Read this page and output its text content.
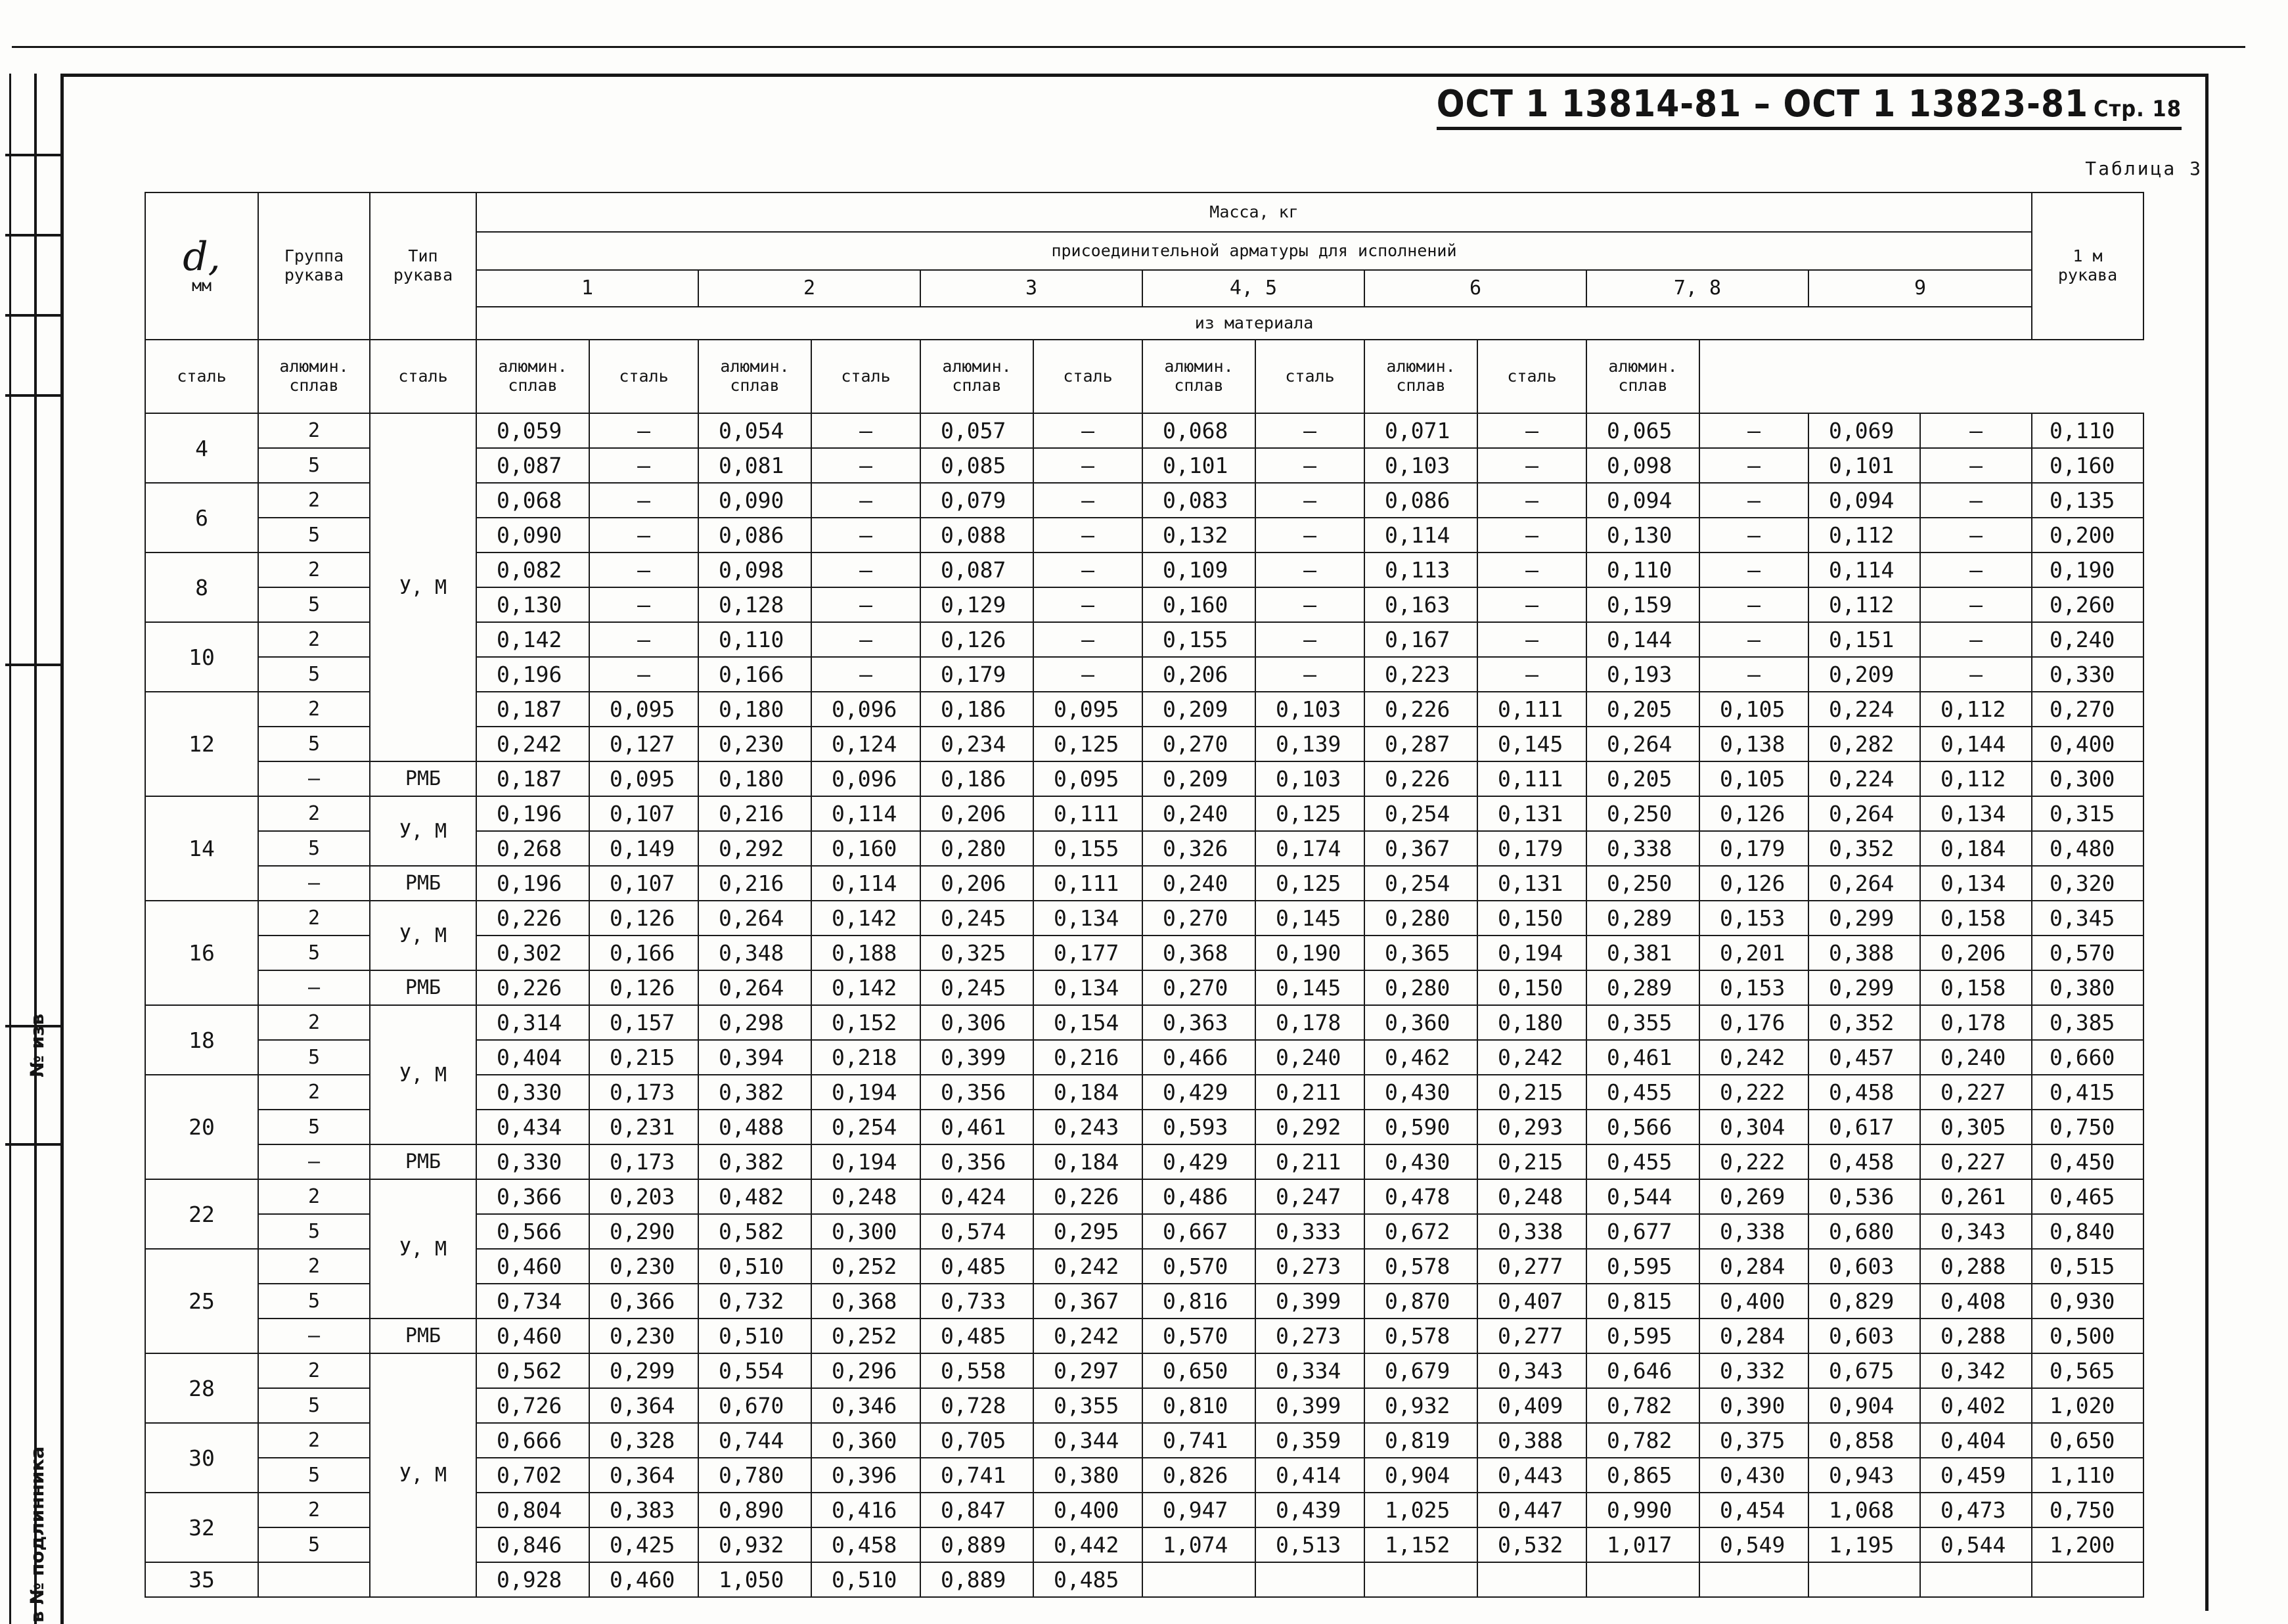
№ изв
в № подлинника
ОСТ 1 13814-81 – ОСТ 1 13823-81 Стр. 18
Таблица 3
d,
мм	Группа рукава	Тип рукава	Масса, кг														1 м рукава
			присоединительной арматуры для исполнений														
			1		2		3		4, 5		6		7, 8		9		
			из материала														
сталь	алюмин. сплав	сталь	алюмин. сплав	сталь	алюмин. сплав	сталь	алюмин. сплав	сталь	алюмин. сплав	сталь	алюмин. сплав	сталь	алюмин. сплав				
4	2	У, М	0,059	–	0,054	–	0,057	–	0,068	–	0,071	–	0,065	–	0,069	–	0,110
	5		0,087	–	0,081	–	0,085	–	0,101	–	0,103	–	0,098	–	0,101	–	0,160
6	2		0,068	–	0,090	–	0,079	–	0,083	–	0,086	–	0,094	–	0,094	–	0,135
	5		0,090	–	0,086	–	0,088	–	0,132	–	0,114	–	0,130	–	0,112	–	0,200
8	2		0,082	–	0,098	–	0,087	–	0,109	–	0,113	–	0,110	–	0,114	–	0,190
	5		0,130	–	0,128	–	0,129	–	0,160	–	0,163	–	0,159	–	0,112	–	0,260
10	2		0,142	–	0,110	–	0,126	–	0,155	–	0,167	–	0,144	–	0,151	–	0,240
	5		0,196	–	0,166	–	0,179	–	0,206	–	0,223	–	0,193	–	0,209	–	0,330
12	2		0,187	0,095	0,180	0,096	0,186	0,095	0,209	0,103	0,226	0,111	0,205	0,105	0,224	0,112	0,270
	5		0,242	0,127	0,230	0,124	0,234	0,125	0,270	0,139	0,287	0,145	0,264	0,138	0,282	0,144	0,400
	–	РМБ	0,187	0,095	0,180	0,096	0,186	0,095	0,209	0,103	0,226	0,111	0,205	0,105	0,224	0,112	0,300
14	2	У, М	0,196	0,107	0,216	0,114	0,206	0,111	0,240	0,125	0,254	0,131	0,250	0,126	0,264	0,134	0,315
	5		0,268	0,149	0,292	0,160	0,280	0,155	0,326	0,174	0,367	0,179	0,338	0,179	0,352	0,184	0,480
	–	РМБ	0,196	0,107	0,216	0,114	0,206	0,111	0,240	0,125	0,254	0,131	0,250	0,126	0,264	0,134	0,320
16	2	У, М	0,226	0,126	0,264	0,142	0,245	0,134	0,270	0,145	0,280	0,150	0,289	0,153	0,299	0,158	0,345
	5		0,302	0,166	0,348	0,188	0,325	0,177	0,368	0,190	0,365	0,194	0,381	0,201	0,388	0,206	0,570
	–	РМБ	0,226	0,126	0,264	0,142	0,245	0,134	0,270	0,145	0,280	0,150	0,289	0,153	0,299	0,158	0,380
18	2	У, М	0,314	0,157	0,298	0,152	0,306	0,154	0,363	0,178	0,360	0,180	0,355	0,176	0,352	0,178	0,385
	5		0,404	0,215	0,394	0,218	0,399	0,216	0,466	0,240	0,462	0,242	0,461	0,242	0,457	0,240	0,660
20	2		0,330	0,173	0,382	0,194	0,356	0,184	0,429	0,211	0,430	0,215	0,455	0,222	0,458	0,227	0,415
	5		0,434	0,231	0,488	0,254	0,461	0,243	0,593	0,292	0,590	0,293	0,566	0,304	0,617	0,305	0,750
	–	РМБ	0,330	0,173	0,382	0,194	0,356	0,184	0,429	0,211	0,430	0,215	0,455	0,222	0,458	0,227	0,450
22	2	У, М	0,366	0,203	0,482	0,248	0,424	0,226	0,486	0,247	0,478	0,248	0,544	0,269	0,536	0,261	0,465
	5		0,566	0,290	0,582	0,300	0,574	0,295	0,667	0,333	0,672	0,338	0,677	0,338	0,680	0,343	0,840
25	2		0,460	0,230	0,510	0,252	0,485	0,242	0,570	0,273	0,578	0,277	0,595	0,284	0,603	0,288	0,515
	5		0,734	0,366	0,732	0,368	0,733	0,367	0,816	0,399	0,870	0,407	0,815	0,400	0,829	0,408	0,930
	–	РМБ	0,460	0,230	0,510	0,252	0,485	0,242	0,570	0,273	0,578	0,277	0,595	0,284	0,603	0,288	0,500
28	2	У, М	0,562	0,299	0,554	0,296	0,558	0,297	0,650	0,334	0,679	0,343	0,646	0,332	0,675	0,342	0,565
	5		0,726	0,364	0,670	0,346	0,728	0,355	0,810	0,399	0,932	0,409	0,782	0,390	0,904	0,402	1,020
30	2		0,666	0,328	0,744	0,360	0,705	0,344	0,741	0,359	0,819	0,388	0,782	0,375	0,858	0,404	0,650
	5		0,702	0,364	0,780	0,396	0,741	0,380	0,826	0,414	0,904	0,443	0,865	0,430	0,943	0,459	1,110
32	2		0,804	0,383	0,890	0,416	0,847	0,400	0,947	0,439	1,025	0,447	0,990	0,454	1,068	0,473	0,750
	5		0,846	0,425	0,932	0,458	0,889	0,442	1,074	0,513	1,152	0,532	1,017	0,549	1,195	0,544	1,200
35			0,928	0,460	1,050	0,510	0,889	0,485									
